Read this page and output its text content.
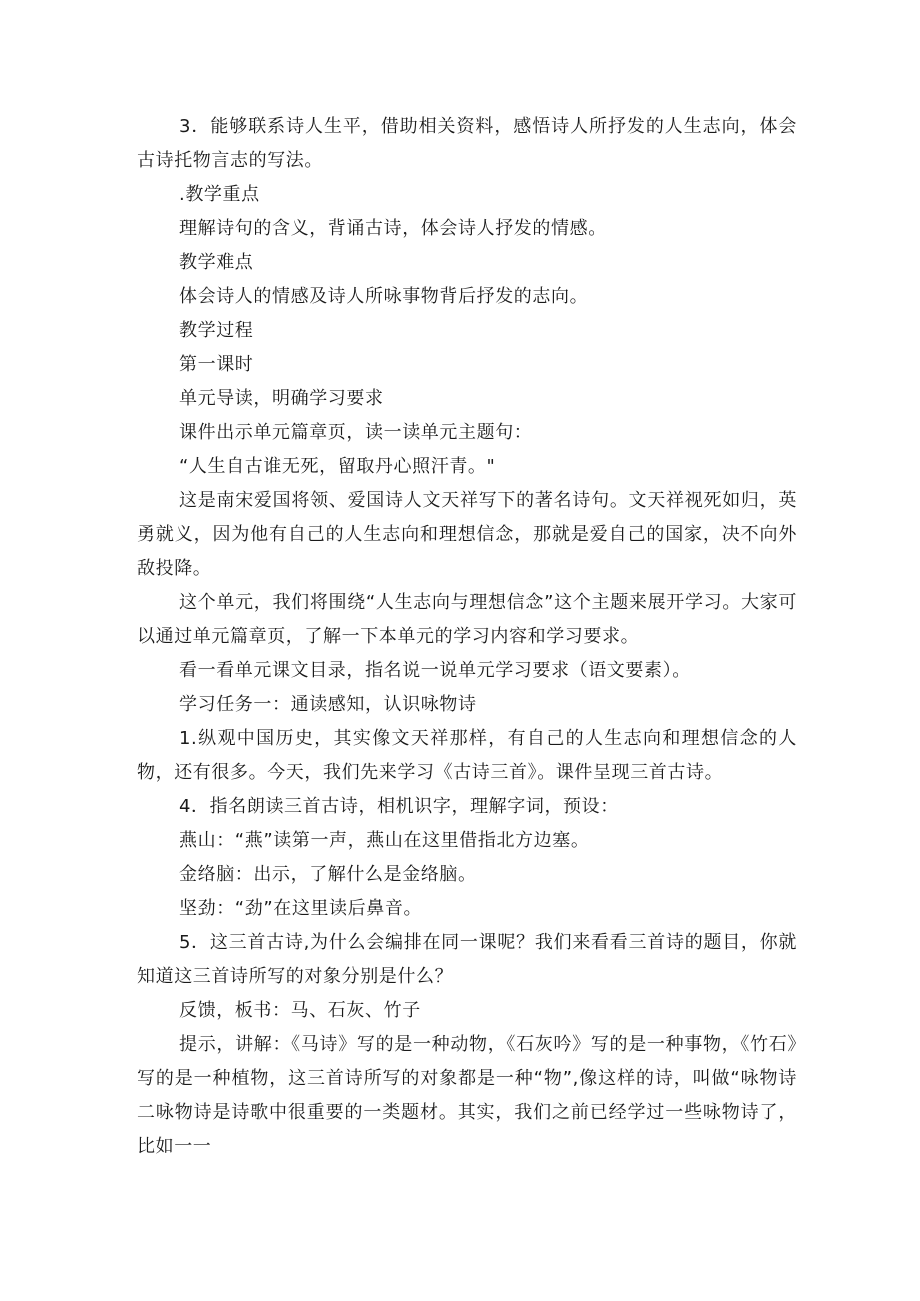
3．能够联系诗人生平，借助相关资料，感悟诗人所抒发的人生志向，体会古诗托物言志的写法。

.教学重点

理解诗句的含义，背诵古诗，体会诗人抒发的情感。

教学难点

体会诗人的情感及诗人所咏事物背后抒发的志向。

教学过程

第一课时

单元导读，明确学习要求

课件出示单元篇章页，读一读单元主题句：

“人生自古谁无死，留取丹心照汗青。"

这是南宋爱国将领、爱国诗人文天祥写下的著名诗句。文天祥视死如归，英勇就义，因为他有自己的人生志向和理想信念，那就是爱自己的国家，决不向外敌投降。

这个单元，我们将围绕“人生志向与理想信念”这个主题来展开学习。大家可以通过单元篇章页，了解一下本单元的学习内容和学习要求。

看一看单元课文目录，指名说一说单元学习要求（语文要素）。

学习任务一：通读感知，认识咏物诗

1.纵观中国历史，其实像文天祥那样，有自己的人生志向和理想信念的人物，还有很多。今天，我们先来学习《古诗三首》。课件呈现三首古诗。

4．指名朗读三首古诗，相机识字，理解字词，预设：

燕山：“燕”读第一声，燕山在这里借指北方边塞。

金络脑：出示，了解什么是金络脑。

坚劲：“劲”在这里读后鼻音。

5．这三首古诗,为什么会编排在同一课呢？我们来看看三首诗的题目，你就知道这三首诗所写的对象分别是什么？

反馈，板书：马、石灰、竹子

提示，讲解：《马诗》写的是一种动物，《石灰吟》写的是一种事物，《竹石》写的是一种植物，这三首诗所写的对象都是一种“物”,像这样的诗，叫做“咏物诗二咏物诗是诗歌中很重要的一类题材。其实，我们之前已经学过一些咏物诗了，比如一一
